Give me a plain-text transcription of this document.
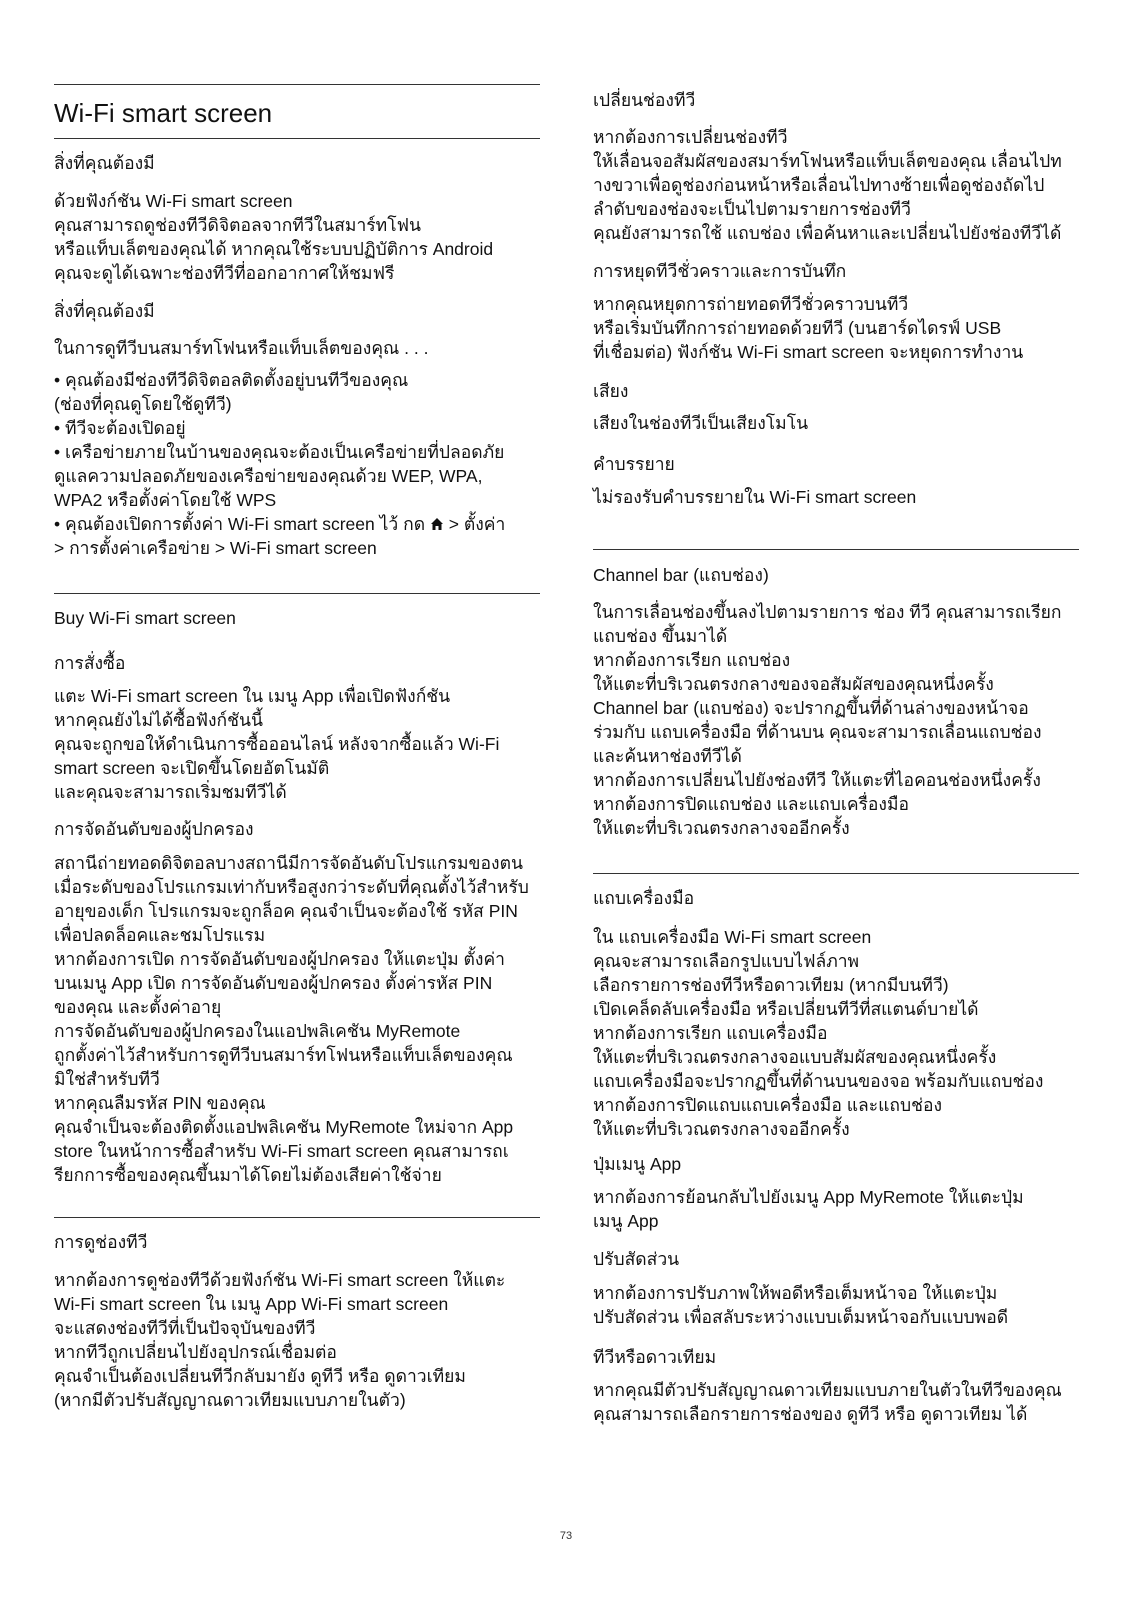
Wi-Fi smart screen
สิ่งที่คุณต้องมี
ด้วยฟังก์ชัน Wi-Fi smart screen
คุณสามารถดูช่องทีวีดิจิตอลจากทีวีในสมาร์ทโฟน
หรือแท็บเล็ตของคุณได้ หากคุณใช้ระบบปฏิบัติการ Android
คุณจะดูได้เฉพาะช่องทีวีที่ออกอากาศให้ชมฟรี
สิ่งที่คุณต้องมี
ในการดูทีวีบนสมาร์ทโฟนหรือแท็บเล็ตของคุณ . . .
• คุณต้องมีช่องทีวีดิจิตอลติดตั้งอยู่บนทีวีของคุณ
(ช่องที่คุณดูโดยใช้ดูทีวี)
• ทีวีจะต้องเปิดอยู่
• เครือข่ายภายในบ้านของคุณจะต้องเป็นเครือข่ายที่ปลอดภัย
ดูแลความปลอดภัยของเครือข่ายของคุณด้วย WEP, WPA,
WPA2 หรือตั้งค่าโดยใช้ WPS
• คุณต้องเปิดการตั้งค่า Wi-Fi smart screen ไว้ กด  > ตั้งค่า
> การตั้งค่าเครือข่าย > Wi-Fi smart screen
Buy Wi-Fi smart screen
การสั่งซื้อ
แตะ Wi-Fi smart screen ใน เมนู App เพื่อเปิดฟังก์ชัน
หากคุณยังไม่ได้ซื้อฟังก์ชันนี้
คุณจะถูกขอให้ดำเนินการซื้อออนไลน์ หลังจากซื้อแล้ว Wi-Fi
smart screen จะเปิดขึ้นโดยอัตโนมัติ
และคุณจะสามารถเริ่มชมทีวีได้
การจัดอันดับของผู้ปกครอง
สถานีถ่ายทอดดิจิตอลบางสถานีมีการจัดอันดับโปรแกรมของตน
เมื่อระดับของโปรแกรมเท่ากับหรือสูงกว่าระดับที่คุณตั้งไว้สำหรับ
อายุของเด็ก โปรแกรมจะถูกล็อค คุณจำเป็นจะต้องใช้ รหัส PIN
เพื่อปลดล็อคและชมโปรแรม
หากต้องการเปิด การจัดอันดับของผู้ปกครอง ให้แตะปุ่ม ตั้งค่า
บนเมนู App เปิด การจัดอันดับของผู้ปกครอง ตั้งค่ารหัส PIN
ของคุณ และตั้งค่าอายุ
การจัดอันดับของผู้ปกครองในแอปพลิเคชัน MyRemote
ถูกตั้งค่าไว้สำหรับการดูทีวีบนสมาร์ทโฟนหรือแท็บเล็ตของคุณ
มิใช่สำหรับทีวี
หากคุณลืมรหัส PIN ของคุณ
คุณจำเป็นจะต้องติดตั้งแอปพลิเคชัน MyRemote ใหม่จาก App
store ในหน้าการซื้อสำหรับ Wi-Fi smart screen คุณสามารถเ
รียกการซื้อของคุณขึ้นมาได้โดยไม่ต้องเสียค่าใช้จ่าย
การดูช่องทีวี
หากต้องการดูช่องทีวีด้วยฟังก์ชัน Wi-Fi smart screen ให้แตะ
Wi-Fi smart screen ใน เมนู App Wi-Fi smart screen
จะแสดงช่องทีวีที่เป็นปัจจุบันของทีวี
หากทีวีถูกเปลี่ยนไปยังอุปกรณ์เชื่อมต่อ
คุณจำเป็นต้องเปลี่ยนทีวีกลับมายัง ดูทีวี หรือ ดูดาวเทียม
(หากมีตัวปรับสัญญาณดาวเทียมแบบภายในตัว)
เปลี่ยนช่องทีวี
หากต้องการเปลี่ยนช่องทีวี
ให้เลื่อนจอสัมผัสของสมาร์ทโฟนหรือแท็บเล็ตของคุณ เลื่อนไปท
างขวาเพื่อดูช่องก่อนหน้าหรือเลื่อนไปทางซ้ายเพื่อดูช่องถัดไป
ลำดับของช่องจะเป็นไปตามรายการช่องทีวี
คุณยังสามารถใช้ แถบช่อง เพื่อค้นหาและเปลี่ยนไปยังช่องทีวีได้
การหยุดทีวีชั่วคราวและการบันทึก
หากคุณหยุดการถ่ายทอดทีวีชั่วคราวบนทีวี
หรือเริ่มบันทึกการถ่ายทอดด้วยทีวี (บนฮาร์ดไดรฟ์ USB
ที่เชื่อมต่อ) ฟังก์ชัน Wi-Fi smart screen จะหยุดการทำงาน
เสียง
เสียงในช่องทีวีเป็นเสียงโมโน
คำบรรยาย
ไม่รองรับคำบรรยายใน Wi-Fi smart screen
Channel bar (แถบช่อง)
ในการเลื่อนช่องขึ้นลงไปตามรายการ ช่อง ทีวี คุณสามารถเรียก
แถบช่อง ขึ้นมาได้
หากต้องการเรียก แถบช่อง
ให้แตะที่บริเวณตรงกลางของจอสัมผัสของคุณหนึ่งครั้ง
Channel bar (แถบช่อง) จะปรากฏขึ้นที่ด้านล่างของหน้าจอ
ร่วมกับ แถบเครื่องมือ ที่ด้านบน คุณจะสามารถเลื่อนแถบช่อง
และค้นหาช่องทีวีได้
หากต้องการเปลี่ยนไปยังช่องทีวี ให้แตะที่ไอคอนช่องหนึ่งครั้ง
หากต้องการปิดแถบช่อง และแถบเครื่องมือ
ให้แตะที่บริเวณตรงกลางจออีกครั้ง
แถบเครื่องมือ
ใน แถบเครื่องมือ Wi-Fi smart screen
คุณจะสามารถเลือกรูปแบบไฟล์ภาพ
เลือกรายการช่องทีวีหรือดาวเทียม (หากมีบนทีวี)
เปิดเคล็ดลับเครื่องมือ หรือเปลี่ยนทีวีที่สแตนด์บายได้
หากต้องการเรียก แถบเครื่องมือ
ให้แตะที่บริเวณตรงกลางจอแบบสัมผัสของคุณหนึ่งครั้ง
แถบเครื่องมือจะปรากฏขึ้นที่ด้านบนของจอ พร้อมกับแถบช่อง
หากต้องการปิดแถบแถบเครื่องมือ และแถบช่อง
ให้แตะที่บริเวณตรงกลางจออีกครั้ง
ปุ่มเมนู App
หากต้องการย้อนกลับไปยังเมนู App MyRemote ให้แตะปุ่ม
เมนู App
ปรับสัดส่วน
หากต้องการปรับภาพให้พอดีหรือเต็มหน้าจอ ให้แตะปุ่ม
ปรับสัดส่วน เพื่อสลับระหว่างแบบเต็มหน้าจอกับแบบพอดี
ทีวีหรือดาวเทียม
หากคุณมีตัวปรับสัญญาณดาวเทียมแบบภายในตัวในทีวีของคุณ
คุณสามารถเลือกรายการช่องของ ดูทีวี หรือ ดูดาวเทียม ได้
73
